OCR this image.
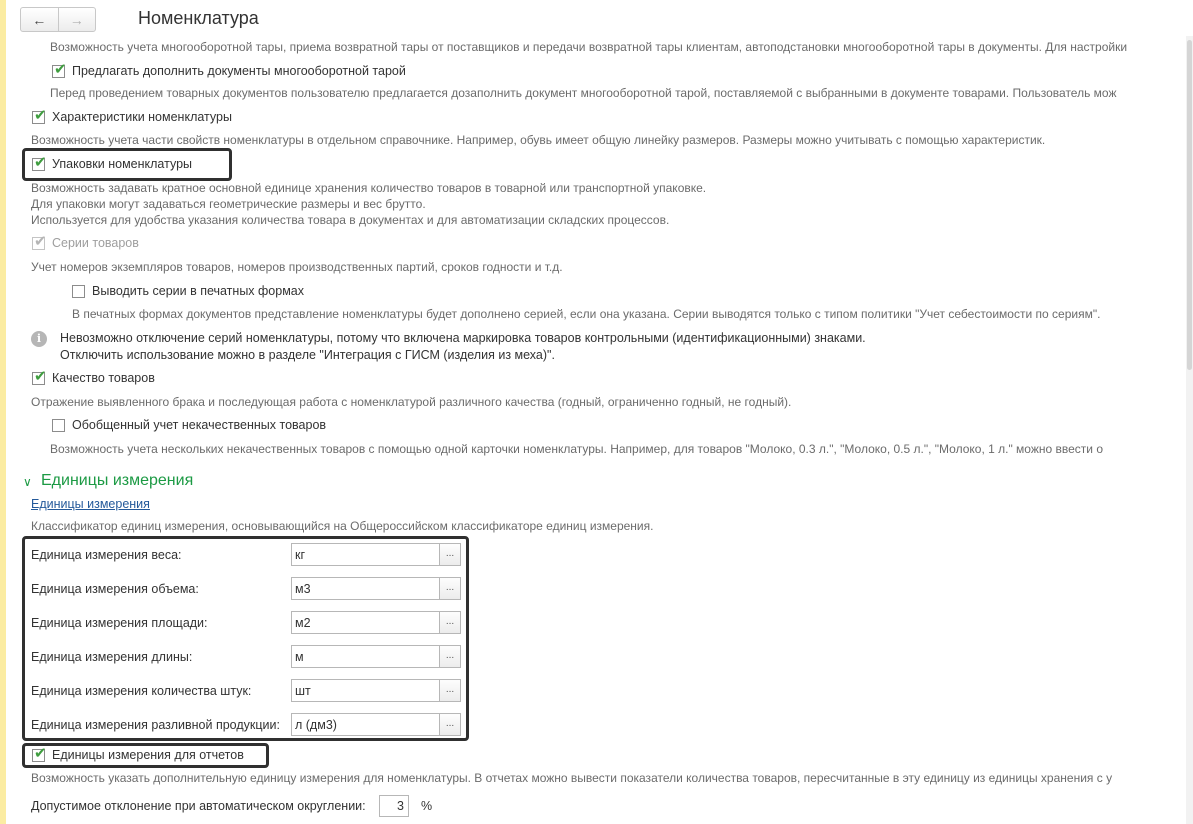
← →	Номенклатура
Возможность учета многооборотной тары, приема возвратной тары от поставщиков и передачи возвратной тары клиентам, автоподстановки многооборотной тары в документы. Для настройки
✔ Предлагать дополнить документы многооборотной тарой
Перед проведением товарных документов пользователю предлагается дозаполнить документ многооборотной тарой, поставляемой с выбранными в документе товарами. Пользователь мож
✔ Характеристики номенклатуры
Возможность учета части свойств номенклатуры в отдельном справочнике. Например, обувь имеет общую линейку размеров. Размеры можно учитывать с помощью характеристик.
✔ Упаковки номенклатуры
Возможность задавать кратное основной единице хранения количество товаров в товарной или транспортной упаковке.
Для упаковки могут задаваться геометрические размеры и вес брутто.
Используется для удобства указания количества товара в документах и для автоматизации складских процессов.
✔ Серии товаров
Учет номеров экземпляров товаров, номеров производственных партий, сроков годности и т.д.
Выводить серии в печатных формах
В печатных формах документов представление номенклатуры будет дополнено серией, если она указана. Серии выводятся только с типом политики "Учет себестоимости по сериям".
i	Невозможно отключение серий номенклатуры, потому что включена маркировка товаров контрольными (идентификационными) знаками.
Отключить использование можно в разделе "Интеграция с ГИСМ (изделия из меха)".
✔ Качество товаров
Отражение выявленного брака и последующая работа с номенклатурой различного качества (годный, ограниченно годный, не годный).
Обобщенный учет некачественных товаров
Возможность учета нескольких некачественных товаров с помощью одной карточки номенклатуры. Например, для товаров "Молоко, 0.3 л.", "Молоко, 0.5 л.", "Молоко, 1 л." можно ввести о
∨ Единицы измерения
Единицы измерения
Классификатор единиц измерения, основывающийся на Общероссийском классификаторе единиц измерения.
Единица измерения веса:	кг	...
Единица измерения объема:	м3	...
Единица измерения площади:	м2	...
Единица измерения длины:	м	...
Единица измерения количества штук:	шт	...
Единица измерения разливной продукции: л (дм3)	...
✔ Единицы измерения для отчетов
Возможность указать дополнительную единицу измерения для номенклатуры. В отчетах можно вывести показатели количества товаров, пересчитанные в эту единицу из единицы хранения с у
Допустимое отклонение при автоматическом округлении:	3 %
